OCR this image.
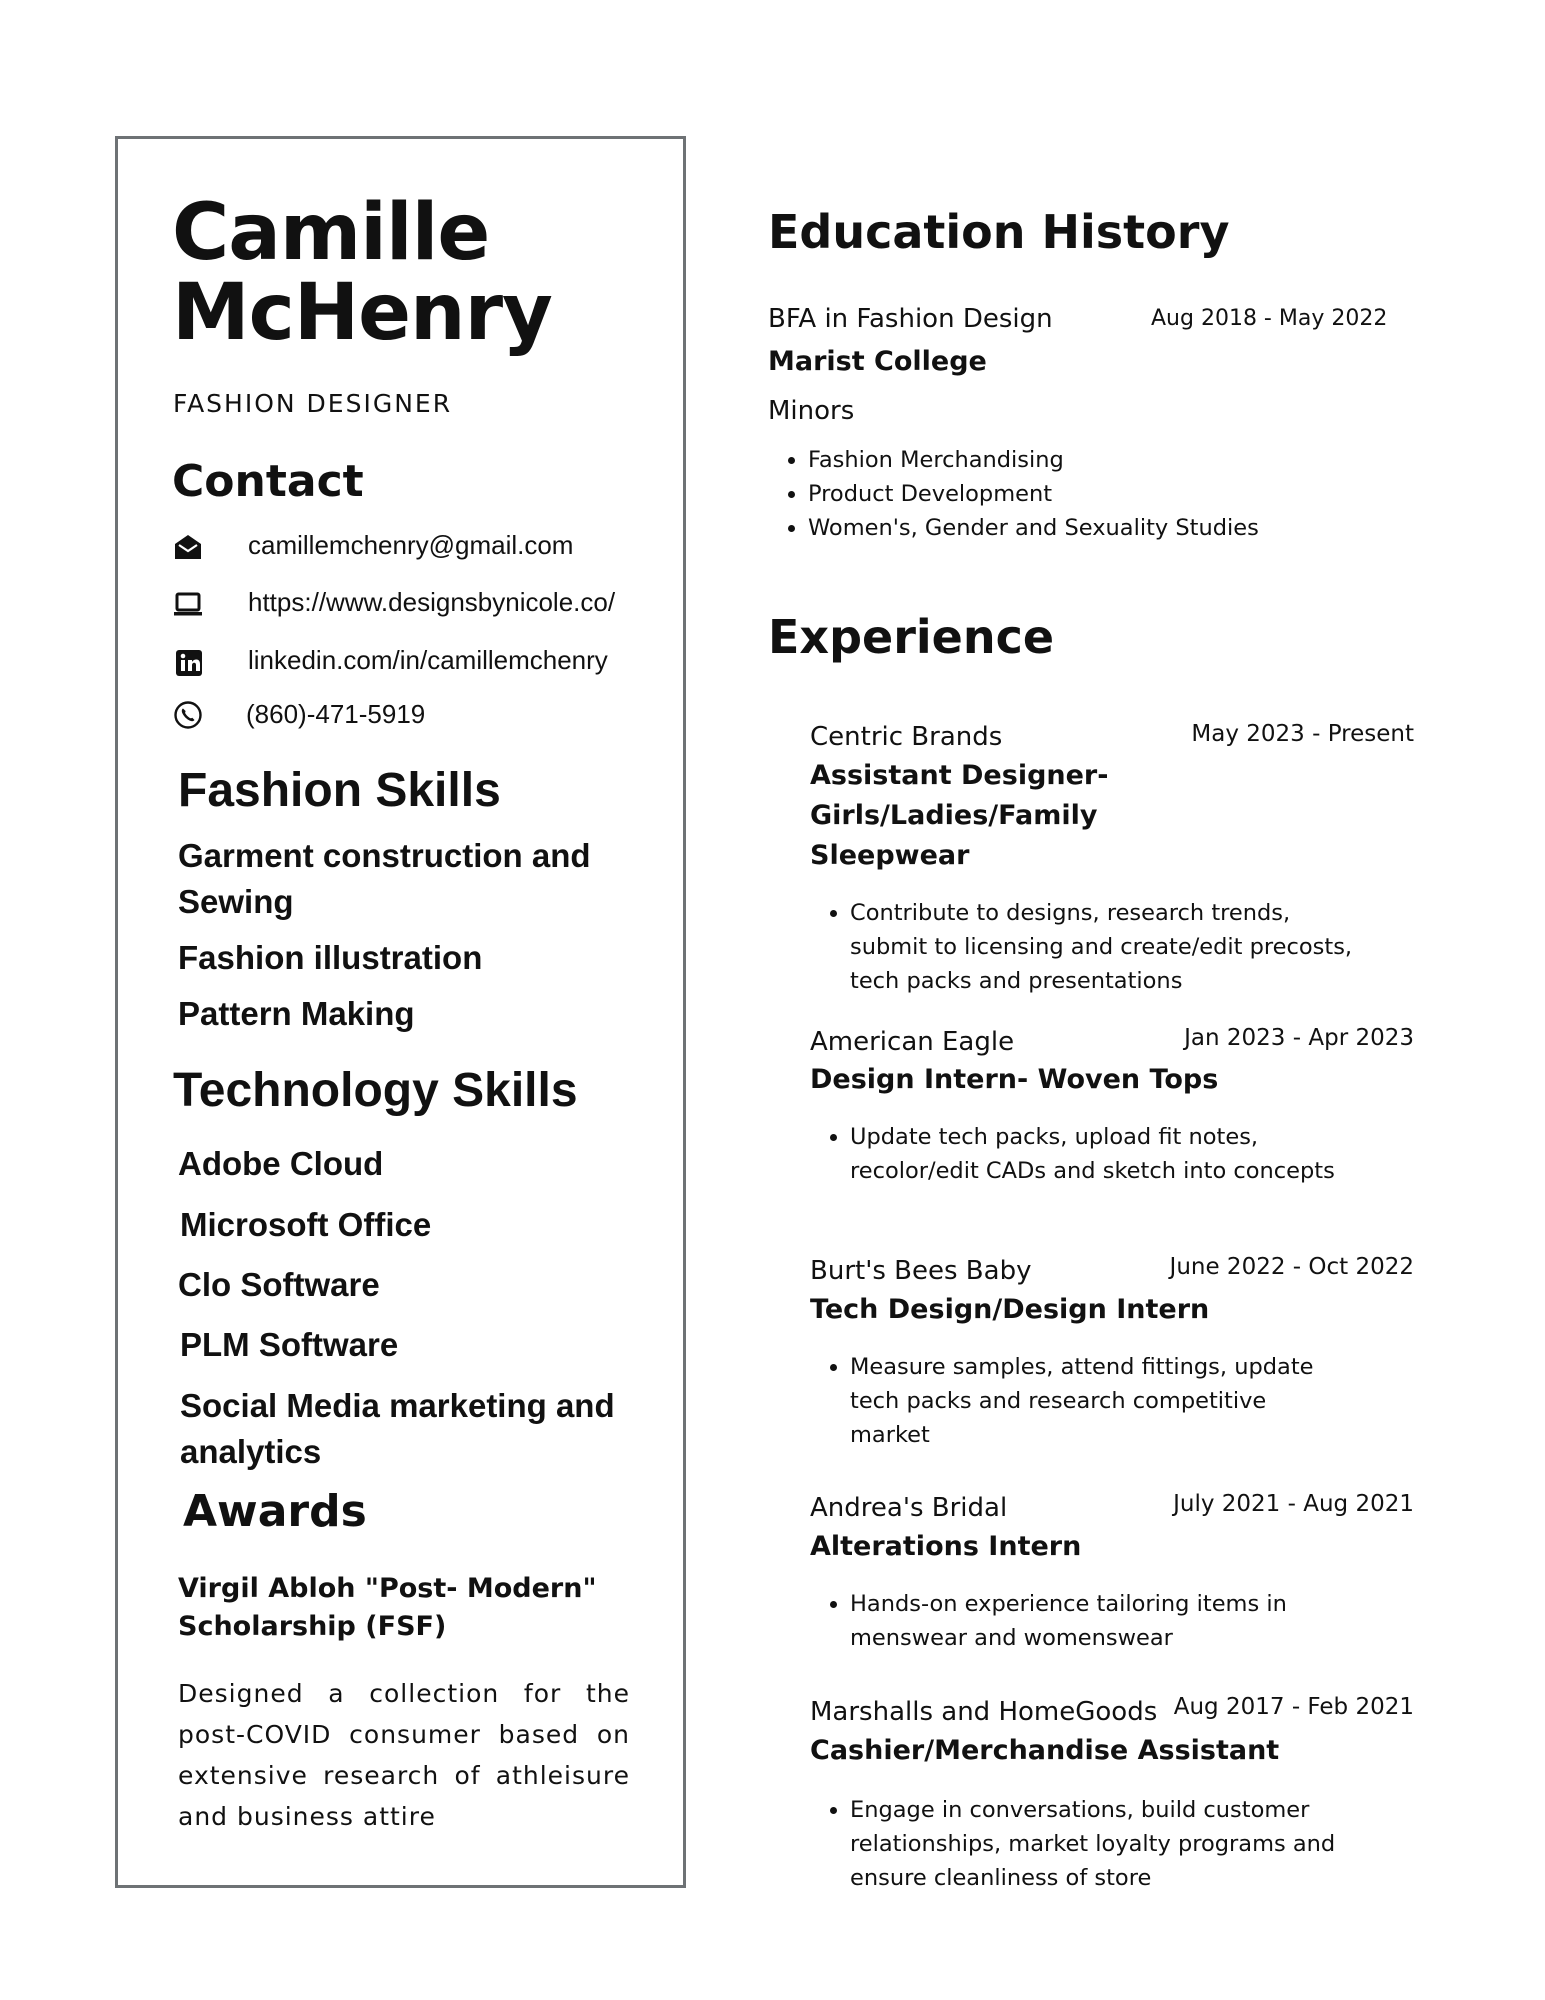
Camille
McHenry
FASHION DESIGNER
Contact
camillemchenry@gmail.com
https://www.designsbynicole.co/
linkedin.com/in/camillemchenry
(860)-471-5919
Fashion Skills
Garment construction and Sewing
Fashion illustration
Pattern Making
Technology Skills
Adobe Cloud
Microsoft Office
Clo Software
PLM Software
Social Media marketing and analytics
Awards
Virgil Abloh "Post- Modern" Scholarship (FSF)
Designed a collection for the post-COVID consumer based on extensive research of athleisure and business attire
Education History
BFA in Fashion Design	Aug 2018 - May 2022
Marist College
Minors
• Fashion Merchandising
• Product Development
• Women's, Gender and Sexuality Studies
Experience
Centric Brands	May 2023 - Present
Assistant Designer- Girls/Ladies/Family Sleepwear
• Contribute to designs, research trends, submit to licensing and create/edit precosts, tech packs and presentations
American Eagle	Jan 2023 - Apr 2023
Design Intern- Woven Tops
• Update tech packs, upload fit notes, recolor/edit CADs and sketch into concepts
Burt's Bees Baby	June 2022 - Oct 2022
Tech Design/Design Intern
• Measure samples, attend fittings, update tech packs and research competitive market
Andrea's Bridal	July 2021 - Aug 2021
Alterations Intern
• Hands-on experience tailoring items in menswear and womenswear
Marshalls and HomeGoods Aug 2017 - Feb 2021
Cashier/Merchandise Assistant
• Engage in conversations, build customer relationships, market loyalty programs and ensure cleanliness of store
